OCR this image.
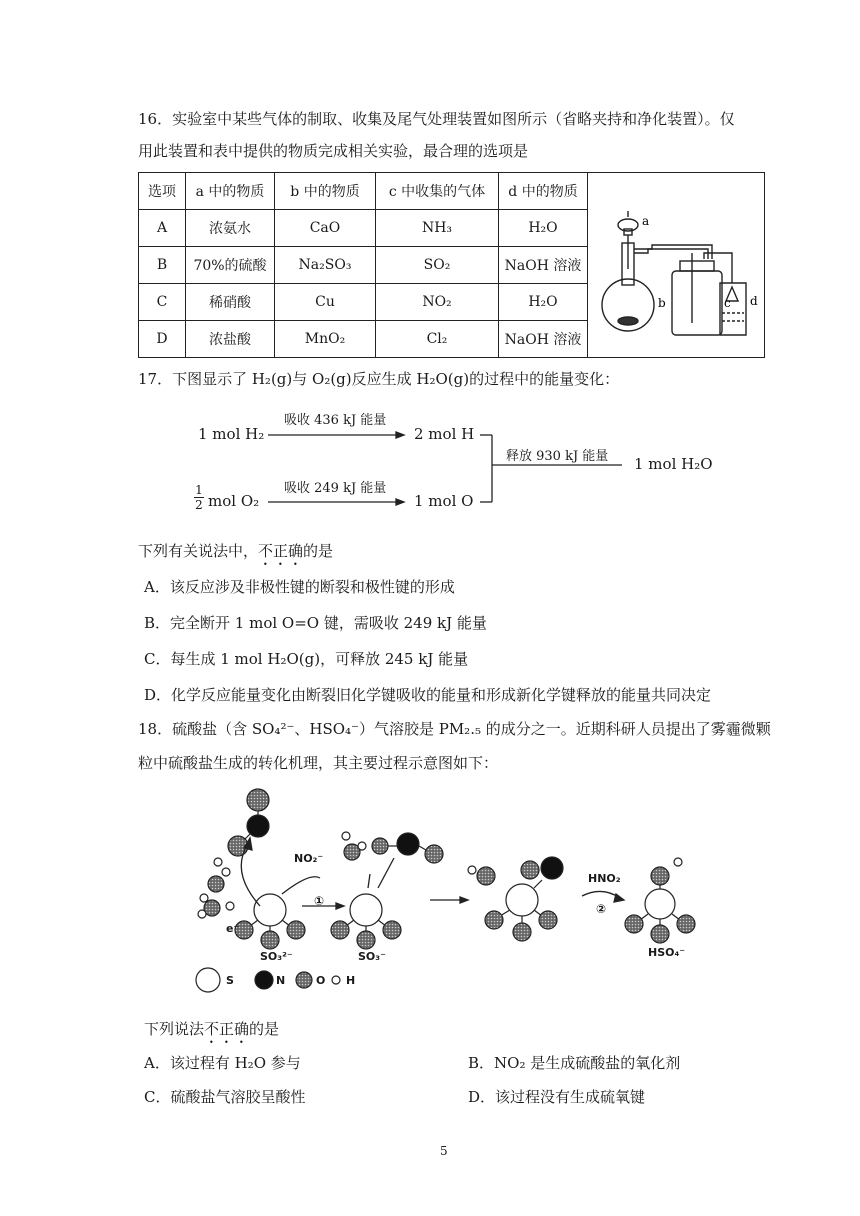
16．实验室中某些气体的制取、收集及尾气处理装置如图所示（省略夹持和净化装置）。仅
用此装置和表中提供的物质完成相关实验，最合理的选项是
选项	a 中的物质	b 中的物质	c 中收集的气体	d 中的物质	a
b c d

A	浓氨水	CaO	NH₃	H₂O	
B	70%的硫酸	Na₂SO₃	SO₂	NaOH 溶液	
C	稀硝酸	Cu	NO₂	H₂O	
D	浓盐酸	MnO₂	Cl₂	NaOH 溶液	
17．下图显示了 H₂(g)与 O₂(g)反应生成 H₂O(g)的过程中的能量变化：
1 mol H₂
吸收 436 kJ 能量
2 mol H
释放 930 kJ 能量 1 mol H₂O
$\frac{1}{2}$ mol O₂
吸收 249 kJ 能量
1 mol O
下列有关说法中，不正确的是
A．该反应涉及非极性键的断裂和极性键的形成
B．完全断开 1 mol O=O 键，需吸收 249 kJ 能量
C．每生成 1 mol H₂O(g)，可释放 245 kJ 能量
D．化学反应能量变化由断裂旧化学键吸收的能量和形成新化学键释放的能量共同决定
18．硫酸盐（含 SO₄²⁻、HSO₄⁻）气溶胶是 PM₂.₅ 的成分之一。近期科研人员提出了雾霾微颗
粒中硫酸盐生成的转化机理，其主要过程示意图如下：
e⁻
NO₂⁻
①
HNO₂
②
SO₃²⁻	SO₃⁻	HSO₄⁻
S	N	O H
下列说法不正确的是
A．该过程有 H₂O 参与	B．NO₂ 是生成硫酸盐的氧化剂
C．硫酸盐气溶胶呈酸性	D．该过程没有生成硫氧键
5
